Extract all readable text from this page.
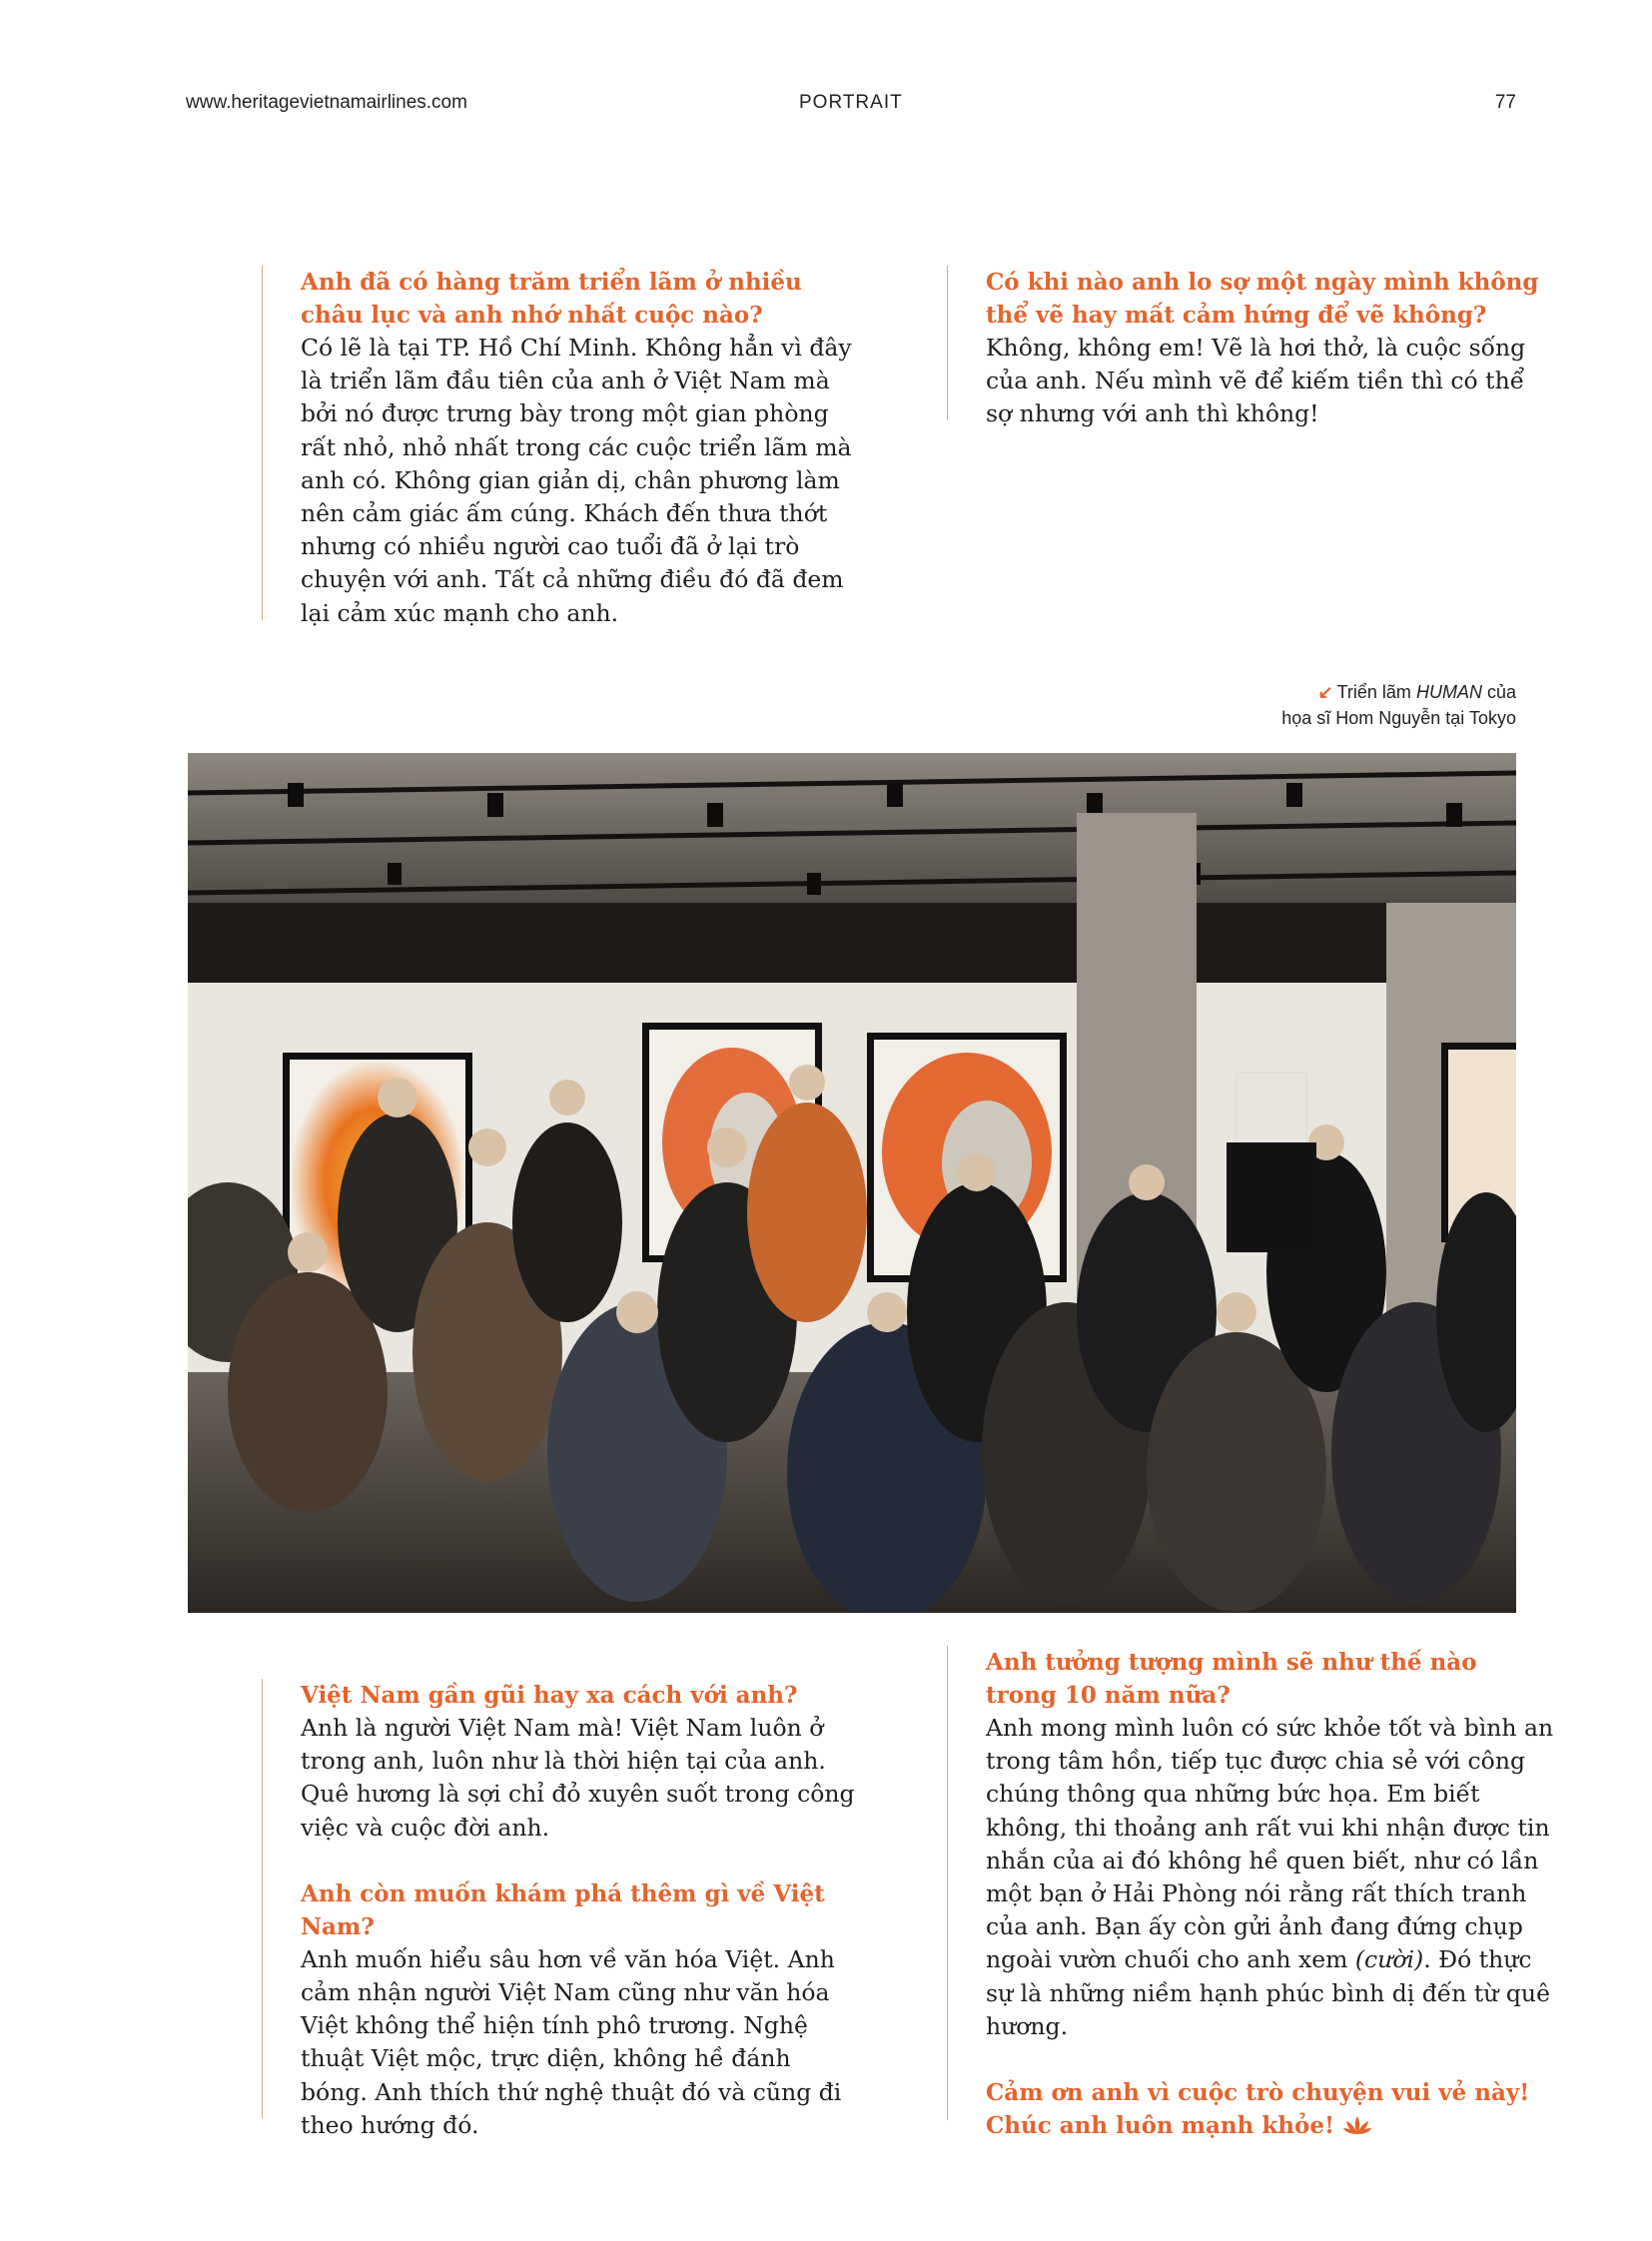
www.heritagevietnamairlines.com	PORTRAIT	77

Anh đã có hàng trăm triển lãm ở nhiều châu lục và anh nhớ nhất cuộc nào?

Có lẽ là tại TP. Hồ Chí Minh. Không hẳn vì đây là triển lãm đầu tiên của anh ở Việt Nam mà bởi nó được trưng bày trong một gian phòng rất nhỏ, nhỏ nhất trong các cuộc triển lãm mà anh có. Không gian giản dị, chân phương làm nên cảm giác ấm cúng. Khách đến thưa thớt nhưng có nhiều người cao tuổi đã ở lại trò chuyện với anh. Tất cả những điều đó đã đem lại cảm xúc mạnh cho anh.

Có khi nào anh lo sợ một ngày mình không thể vẽ hay mất cảm hứng để vẽ không?

Không, không em! Vẽ là hơi thở, là cuộc sống của anh. Nếu mình vẽ để kiếm tiền thì có thể sợ nhưng với anh thì không!

↙ Triển lãm HUMAN của
họa sĩ Hom Nguyễn tại Tokyo

Việt Nam gần gũi hay xa cách với anh?

Anh là người Việt Nam mà! Việt Nam luôn ở trong anh, luôn như là thời hiện tại của anh. Quê hương là sợi chỉ đỏ xuyên suốt trong công việc và cuộc đời anh.

Anh còn muốn khám phá thêm gì về Việt Nam?

Anh muốn hiểu sâu hơn về văn hóa Việt. Anh cảm nhận người Việt Nam cũng như văn hóa Việt không thể hiện tính phô trương. Nghệ thuật Việt mộc, trực diện, không hề đánh bóng. Anh thích thứ nghệ thuật đó và cũng đi theo hướng đó.

Anh tưởng tượng mình sẽ như thế nào trong 10 năm nữa?

Anh mong mình luôn có sức khỏe tốt và bình an trong tâm hồn, tiếp tục được chia sẻ với công chúng thông qua những bức họa. Em biết không, thi thoảng anh rất vui khi nhận được tin nhắn của ai đó không hề quen biết, như có lần một bạn ở Hải Phòng nói rằng rất thích tranh của anh. Bạn ấy còn gửi ảnh đang đứng chụp ngoài vườn chuối cho anh xem (cười). Đó thực sự là những niềm hạnh phúc bình dị đến từ quê hương.

Cảm ơn anh vì cuộc trò chuyện vui vẻ này!

Chúc anh luôn mạnh khỏe!
